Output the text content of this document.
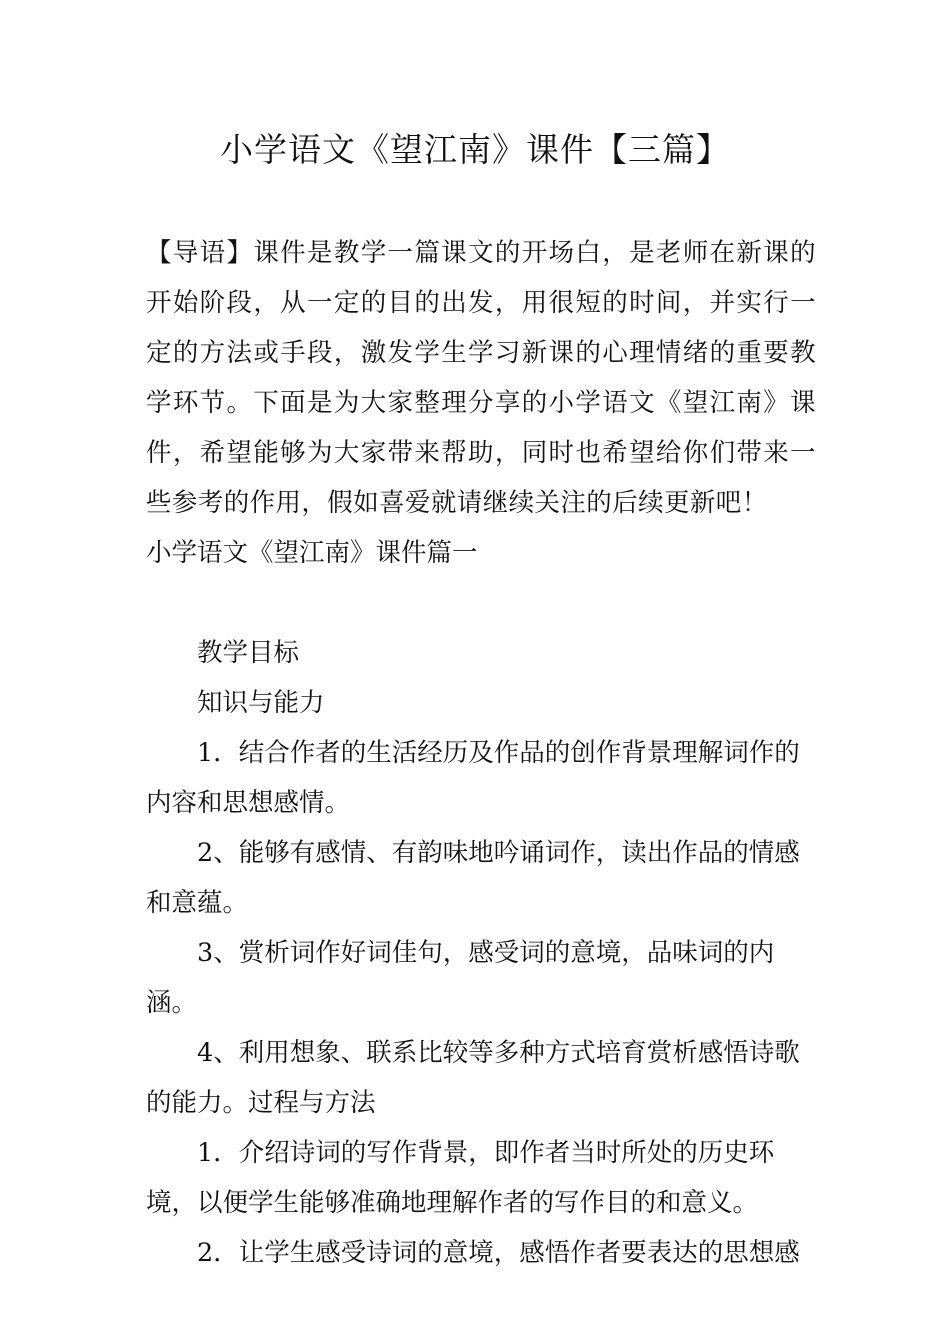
小学语文《望江南》课件【三篇】

【导语】课件是教学一篇课文的开场白，是老师在新课的开始阶段，从一定的目的出发，用很短的时间，并实行一定的方法或手段，激发学生学习新课的心理情绪的重要教学环节。下面是为大家整理分享的小学语文《望江南》课件，希望能够为大家带来帮助，同时也希望给你们带来一些参考的作用，假如喜爱就请继续关注的后续更新吧！

小学语文《望江南》课件篇一

教学目标

知识与能力

1．结合作者的生活经历及作品的创作背景理解词作的内容和思想感情。

2、能够有感情、有韵味地吟诵词作，读出作品的情感和意蕴。

3、赏析词作好词佳句，感受词的意境，品味词的内涵。

4、利用想象、联系比较等多种方式培育赏析感悟诗歌的能力。过程与方法

1．介绍诗词的写作背景，即作者当时所处的历史环境，以便学生能够准确地理解作者的写作目的和意义。

2．让学生感受诗词的意境，感悟作者要表达的思想感
